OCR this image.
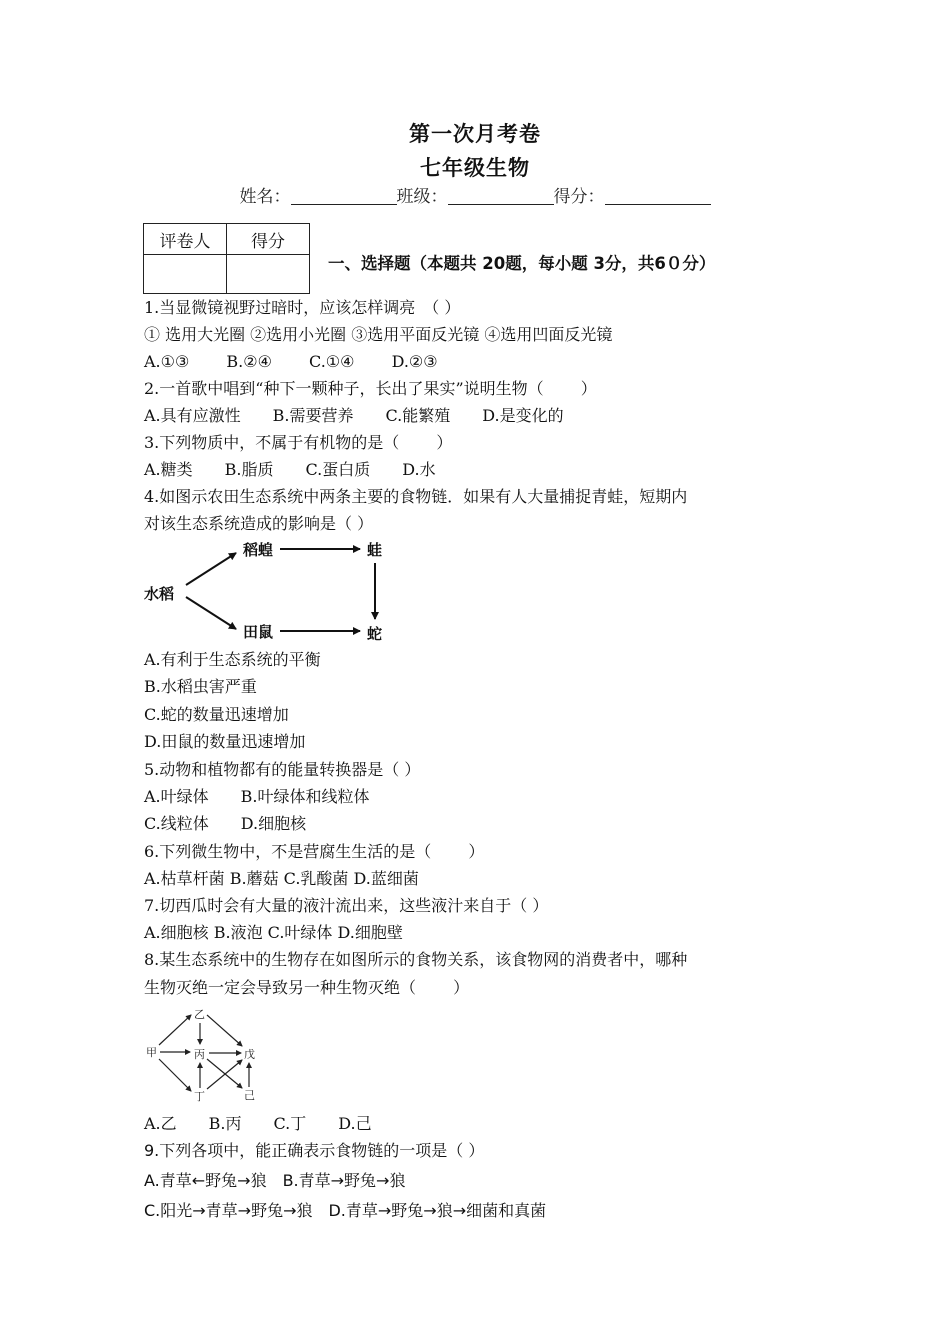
第一次月考卷
七年级生物
姓名：	班级：	得分：
评卷人	得分

一、选择题（本题共 20题，每小题 3分，共6０分）
1.当显微镜视野过暗时，应该怎样调亮　（ ）
① 选用大光圈 ②选用小光圈 ③选用平面反光镜 ④选用凹面反光镜
A.①③　　 B.②④　　 C.①④　　 D.②③
2.一首歌中唱到“种下一颗种子，长出了果实”说明生物（　　 ）
A.具有应激性　　B.需要营养　　C.能繁殖　　D.是变化的
3.下列物质中，不属于有机物的是（　　 ）
A.糖类　　B.脂质　　C.蛋白质　　D.水
4.如图示农田生态系统中两条主要的食物链．如果有人大量捕捉青蛙，短期内
对该生态系统造成的影响是（ ）
水稻
稻蝗	蛙
田鼠	蛇
A.有利于生态系统的平衡
B.水稻虫害严重
C.蛇的数量迅速增加
D.田鼠的数量迅速增加
5.动物和植物都有的能量转换器是（ ）
A.叶绿体　　B.叶绿体和线粒体
C.线粒体　　D.细胞核
6.下列微生物中，不是营腐生生活的是（　　 ）
A.枯草杆菌 B.蘑菇 C.乳酸菌 D.蓝细菌
7.切西瓜时会有大量的液汁流出来，这些液汁来自于（ ）
A.细胞核 B.液泡 C.叶绿体 D.细胞壁
8.某生态系统中的生物存在如图所示的食物关系，该食物网的消费者中，哪种
生物灭绝一定会导致另一种生物灭绝（　　 ）
甲
乙
丙
丁
戊
己
A.乙　　B.丙　　C.丁　　D.己
9.下列各项中，能正确表示食物链的一项是（ ）
A.青草←野兔→狼　B.青草→野兔→狼
C.阳光→青草→野兔→狼　D.青草→野兔→狼→细菌和真菌
